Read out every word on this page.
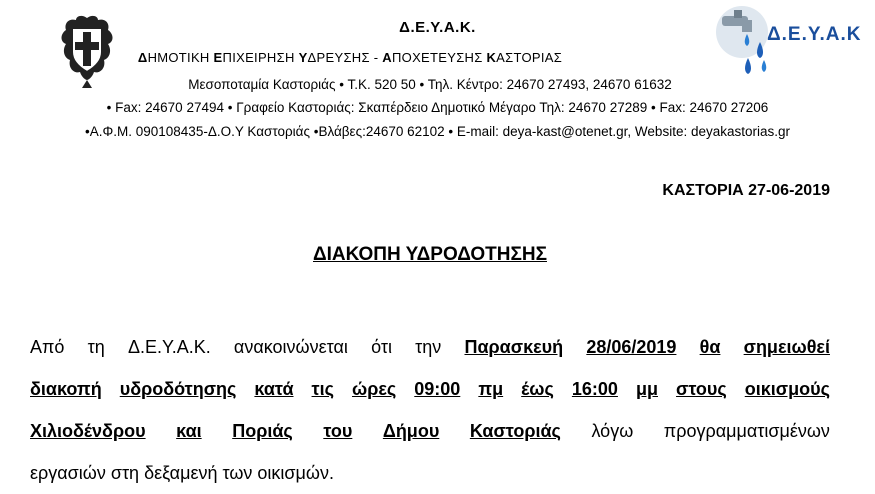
Δ.Ε.Υ.Α.Κ
Δ.Ε.Υ.Α.Κ.
ΔΗΜΟΤΙΚΗ ΕΠΙΧΕΙΡΗΣΗ ΥΔΡΕΥΣΗΣ - ΑΠΟΧΕΤΕΥΣΗΣ ΚΑΣΤΟΡΙΑΣ
Μεσοποταμία Καστοριάς • Τ.Κ. 520 50 • Τηλ. Κέντρο: 24670 27493, 24670 61632
• Fax: 24670 27494 • Γραφείο Καστοριάς: Σκαπέρδειο Δημοτικό Μέγαρο Τηλ: 24670 27289 • Fax: 24670 27206
•Α.Φ.Μ. 090108435-Δ.Ο.Υ Καστοριάς •Βλάβες:24670 62102 • E-mail: deya-kast@otenet.gr, Website: deyakastorias.gr
ΚΑΣΤΟΡΙΑ 27-06-2019
ΔΙΑΚΟΠΗ ΥΔΡΟΔΟΤΗΣΗΣ
Από τη Δ.Ε.Υ.Α.Κ. ανακοινώνεται ότι την Παρασκευή 28/06/2019 θα σημειωθεί
διακοπή υδροδότησης κατά τις ώρες 09:00 πμ έως 16:00 μμ στους οικισμούς
Χιλιοδένδρου και Ποριάς του Δήμου Καστοριάς λόγω προγραμματισμένων
εργασιών στη δεξαμενή των οικισμών.
